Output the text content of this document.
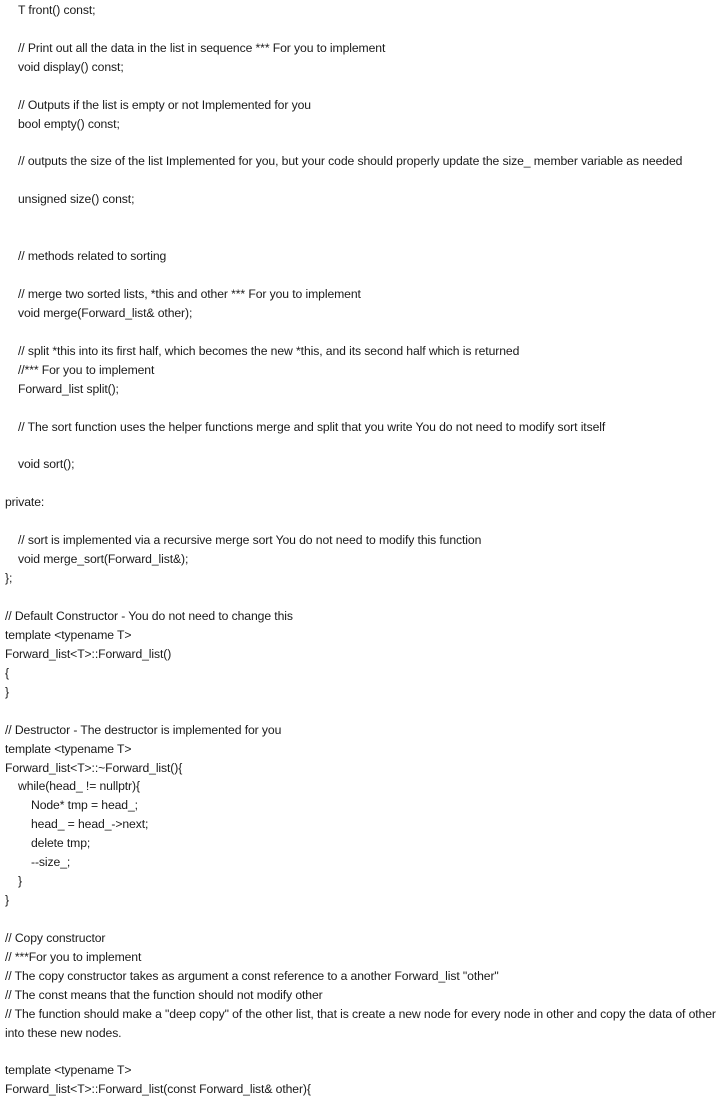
T front() const;
// Print out all the data in the list in sequence *** For you to implement
void display() const;
// Outputs if the list is empty or not Implemented for you
bool empty() const;
// outputs the size of the list Implemented for you, but your code should properly update the size_ member variable as needed
unsigned size() const;
// methods related to sorting
// merge two sorted lists, *this and other *** For you to implement
void merge(Forward_list& other);
// split *this into its first half, which becomes the new *this, and its second half which is returned
//*** For you to implement
Forward_list split();
// The sort function uses the helper functions merge and split that you write You do not need to modify sort itself
void sort();
private:
// sort is implemented via a recursive merge sort You do not need to modify this function
void merge_sort(Forward_list&);
};
// Default Constructor - You do not need to change this
template <typename T>
Forward_list<T>::Forward_list()
{
}
// Destructor - The destructor is implemented for you
template <typename T>
Forward_list<T>::~Forward_list(){
while(head_ != nullptr){
Node* tmp = head_;
head_ = head_->next;
delete tmp;
--size_;
}
}
// Copy constructor
// ***For you to implement
// The copy constructor takes as argument a const reference to a another Forward_list "other"
// The const means that the function should not modify other
// The function should make a "deep copy" of the other list, that is create a new node for every node in other and copy the data of other into these new nodes.
template <typename T>
Forward_list<T>::Forward_list(const Forward_list& other){
